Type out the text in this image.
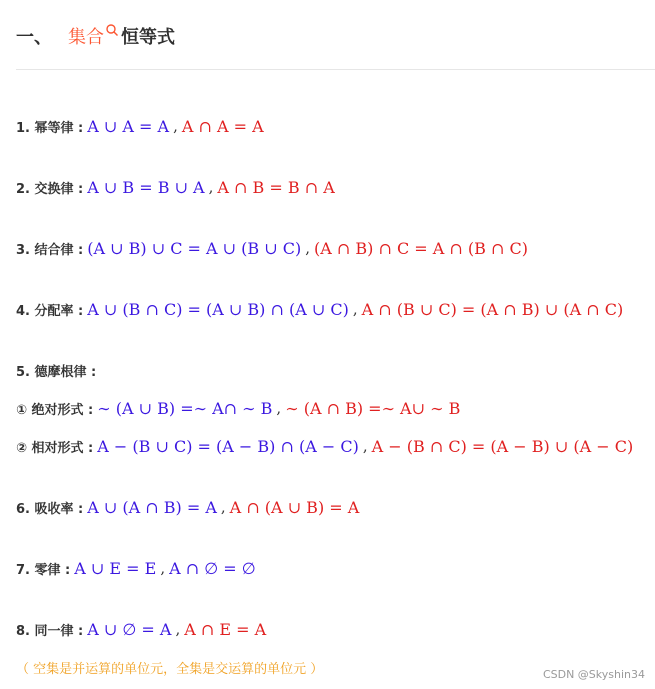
一、 集合 恒等式
1. 幂等律 : A ∪ A = A , A ∩ A = A
2. 交换律 : A ∪ B = B ∪ A , A ∩ B = B ∩ A
3. 结合律 : (A ∪ B) ∪ C = A ∪ (B ∪ C) , (A ∩ B) ∩ C = A ∩ (B ∩ C)
4. 分配率 : A ∪ (B ∩ C) = (A ∪ B) ∩ (A ∪ C) , A ∩ (B ∪ C) = (A ∩ B) ∪ (A ∩ C)
5. 德摩根律 :
① 绝对形式 : ∼ (A ∪ B) =∼ A∩ ∼ B , ∼ (A ∩ B) =∼ A∪ ∼ B
② 相对形式 : A − (B ∪ C) = (A − B) ∩ (A − C) , A − (B ∩ C) = (A − B) ∪ (A − C)
6. 吸收率 : A ∪ (A ∩ B) = A , A ∩ (A ∪ B) = A
7. 零律 : A ∪ E = E , A ∩ ∅ = ∅
8. 同一律 : A ∪ ∅ = A , A ∩ E = A
（ 空集是并运算的单位元，全集是交运算的单位元 ）	CSDN @Skyshin34
